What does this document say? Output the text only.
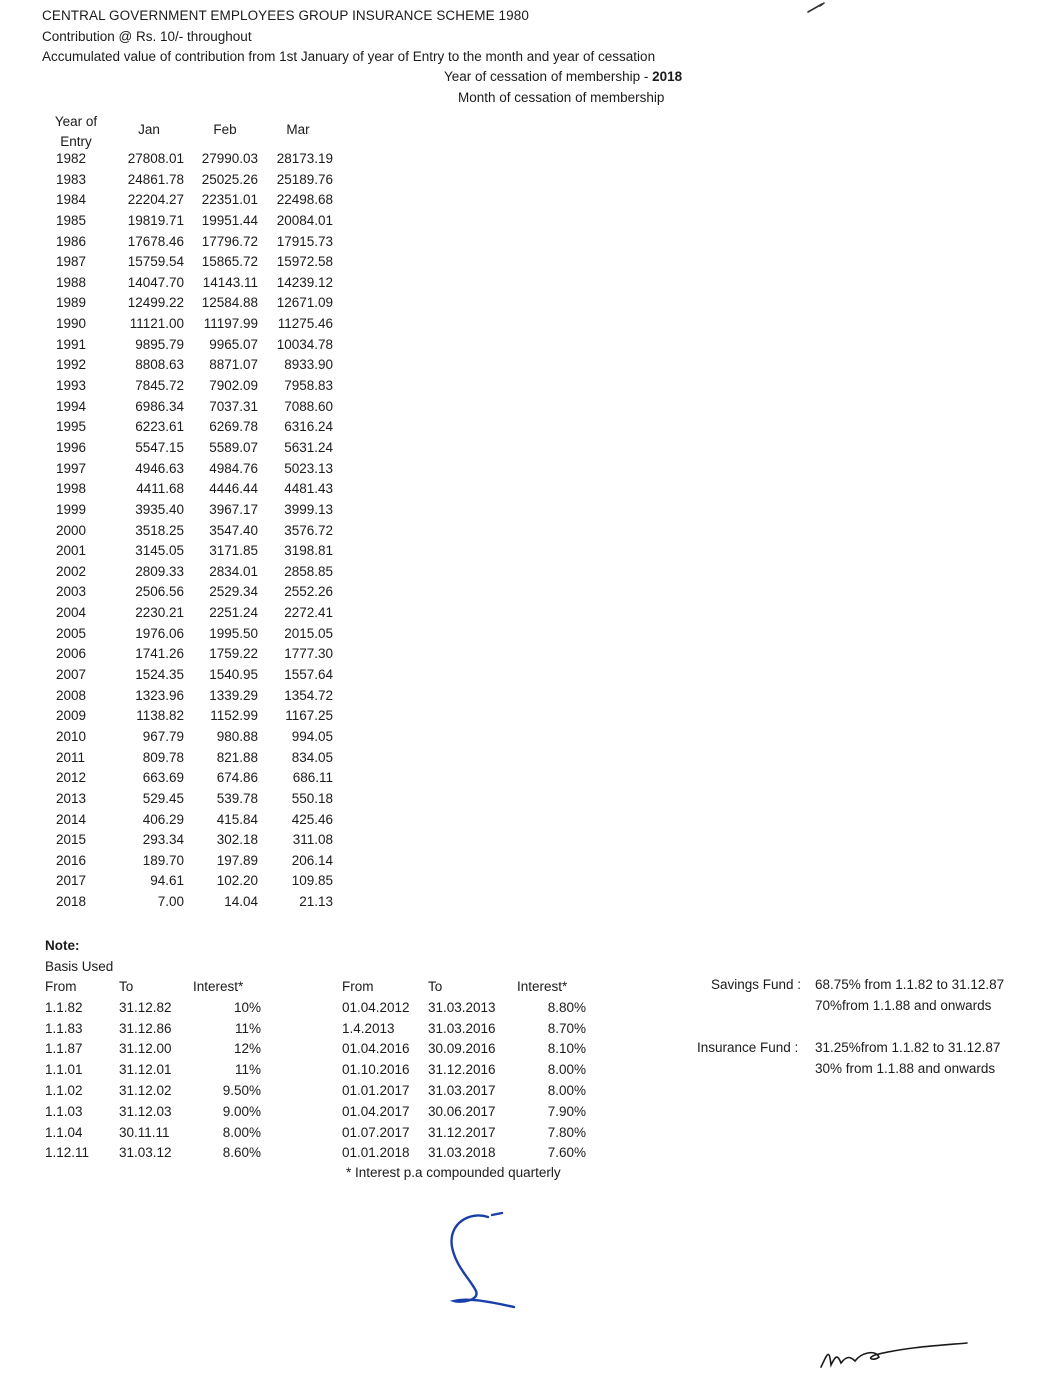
CENTRAL GOVERNMENT EMPLOYEES GROUP INSURANCE SCHEME 1980
Contribution @ Rs. 10/- throughout
Accumulated value of contribution from 1st January of year of Entry to the month and year of cessation
Year of cessation of membership - 2018
Month of cessation of membership
Year of
Entry
Jan	Feb	Mar
1982	27808.01	27990.03	28173.19
1983	24861.78	25025.26	25189.76
1984	22204.27	22351.01	22498.68
1985	19819.71	19951.44	20084.01
1986	17678.46	17796.72	17915.73
1987	15759.54	15865.72	15972.58
1988	14047.70	14143.11	14239.12
1989	12499.22	12584.88	12671.09
1990	11121.00	11197.99	11275.46
1991	9895.79	9965.07	10034.78
1992	8808.63	8871.07	8933.90
1993	7845.72	7902.09	7958.83
1994	6986.34	7037.31	7088.60
1995	6223.61	6269.78	6316.24
1996	5547.15	5589.07	5631.24
1997	4946.63	4984.76	5023.13
1998	4411.68	4446.44	4481.43
1999	3935.40	3967.17	3999.13
2000	3518.25	3547.40	3576.72
2001	3145.05	3171.85	3198.81
2002	2809.33	2834.01	2858.85
2003	2506.56	2529.34	2552.26
2004	2230.21	2251.24	2272.41
2005	1976.06	1995.50	2015.05
2006	1741.26	1759.22	1777.30
2007	1524.35	1540.95	1557.64
2008	1323.96	1339.29	1354.72
2009	1138.82	1152.99	1167.25
2010	967.79	980.88	994.05
2011	809.78	821.88	834.05
2012	663.69	674.86	686.11
2013	529.45	539.78	550.18
2014	406.29	415.84	425.46
2015	293.34	302.18	311.08
2016	189.70	197.89	206.14
2017	94.61	102.20	109.85
2018	7.00	14.04	21.13
Note:
Basis Used
From	To	Interest*
1.1.82	31.12.82	10%
1.1.83	31.12.86	11%
1.1.87	31.12.00	12%
1.1.01	31.12.01	11%
1.1.02	31.12.02	9.50%
1.1.03	31.12.03	9.00%
1.1.04	30.11.11	8.00%
1.12.11 31.03.12	8.60%
From	To	Interest*
01.04.2012 31.03.2013	8.80%
1.4.2013 31.03.2016	8.70%
01.04.2016 30.09.2016	8.10%
01.10.2016 31.12.2016	8.00%
01.01.2017 31.03.2017	8.00%
01.04.2017 30.06.2017	7.90%
01.07.2017 31.12.2017	7.80%
01.01.2018 31.03.2018	7.60%
* Interest p.a compounded quarterly
Savings Fund : 68.75% from 1.1.82 to 31.12.87
70%from 1.1.88 and onwards
Insurance Fund : 31.25%from 1.1.82 to 31.12.87
30% from 1.1.88 and onwards
